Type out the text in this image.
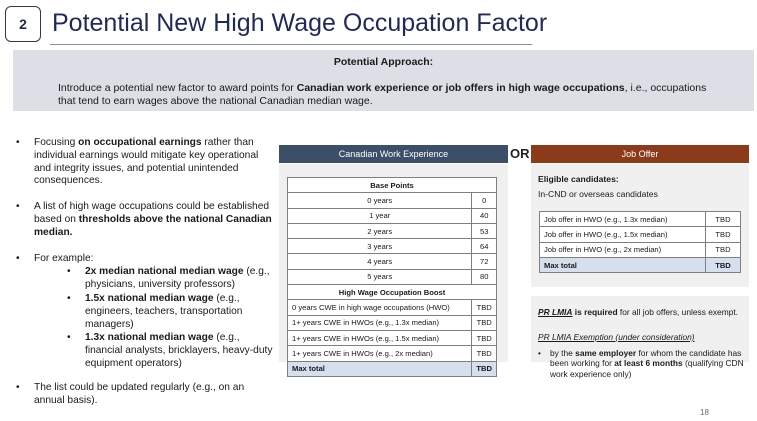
2 Potential New High Wage Occupation Factor
Potential Approach:
Introduce a potential new factor to award points for Canadian work experience or job offers in high wage occupations, i.e., occupations that tend to earn wages above the national Canadian median wage.
• Focusing on occupational earnings rather than individual earnings would mitigate key operational and integrity issues, and potential unintended consequences.
• A list of high wage occupations could be established based on thresholds above the national Canadian median.
• For example:
• 2x median national median wage (e.g., physicians, university professors)
• 1.5x national median wage (e.g., engineers, teachers, transportation managers)
• 1.3x national median wage (e.g., financial analysts, bricklayers, heavy-duty equipment operators)
• The list could be updated regularly (e.g., on an annual basis).
Canadian Work Experience
Base Points	
0 years	0
1 year	40
2 years	53
3 years	64
4 years	72
5 years	80
High Wage Occupation Boost	
0 years CWE in high wage occupations (HWO)	TBD
1+ years CWE in HWOs (e.g., 1.3x median)	TBD
1+ years CWE in HWOs (e.g., 1.5x median)	TBD
1+ years CWE in HWOs (e.g., 2x median)	TBD
Max total	TBD
OR	Job Offer
Eligible candidates:
In-CND or overseas candidates
Job offer in HWO (e.g., 1.3x median)	TBD
Job offer in HWO (e.g., 1.5x median)	TBD
Job offer in HWO (e.g., 2x median)	TBD
Max total	TBD
PR LMIA is required for all job offers, unless exempt.
PR LMIA Exemption (under consideration)
• by the same employer for whom the candidate has been working for at least 6 months (qualifying CDN work experience only)
18
